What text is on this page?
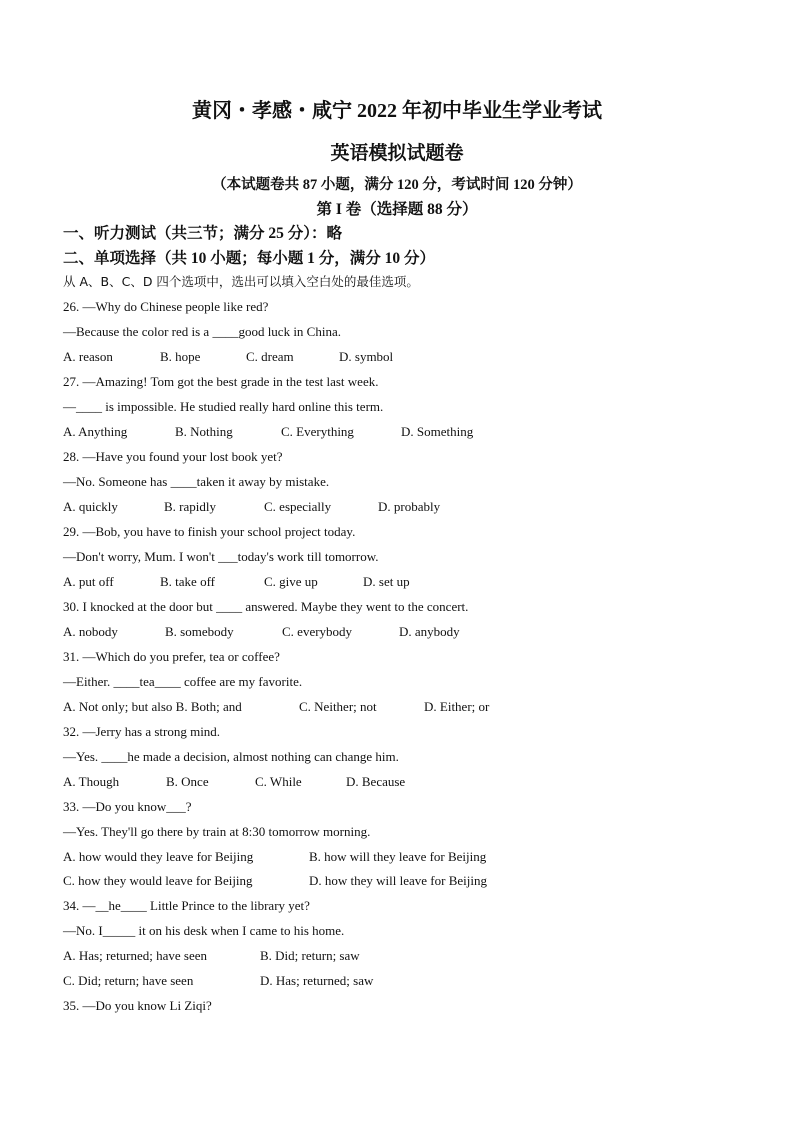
黄冈・孝感・咸宁 2022 年初中毕业生学业考试
英语模拟试题卷
（本试题卷共 87 小题，满分 120 分，考试时间 120 分钟）
第 I 卷（选择题 88 分）
一、听力测试（共三节；满分 25 分）：略
二、单项选择（共 10 小题；每小题 1 分，满分 10 分）
从 A、B、C、D 四个选项中，选出可以填入空白处的最佳选项。
26. —Why do Chinese people like red?
—Because the color red is a ____good luck in China.
A. reason	B. hope	C. dream	D. symbol
27. —Amazing! Tom got the best grade in the test last week.
—____ is impossible. He studied really hard online this term.
A. Anything	B. Nothing	C. Everything	D. Something
28. —Have you found your lost book yet?
—No. Someone has ____taken it away by mistake.
A. quickly	B. rapidly	C. especially	D. probably
29. —Bob, you have to finish your school project today.
—Don't worry, Mum. I won't ___today's work till tomorrow.
A. put off	B. take off	C. give up	D. set up
30. I knocked at the door but ____ answered. Maybe they went to the concert.
A. nobody	B. somebody	C. everybody	D. anybody
31. —Which do you prefer, tea or coffee?
—Either. ____tea____ coffee are my favorite.
A. Not only; but also B. Both; and	C. Neither; not	D. Either; or
32. —Jerry has a strong mind.
—Yes. ____he made a decision, almost nothing can change him.
A. Though	B. Once	C. While	D. Because
33. —Do you know___?
—Yes. They'll go there by train at 8:30 tomorrow morning.
A. how would they leave for Beijing	B. how will they leave for Beijing
C. how they would leave for Beijing	D. how they will leave for Beijing
34. —__he____ Little Prince to the library yet?
—No. I_____ it on his desk when I came to his home.
A. Has; returned; have seen	B. Did; return; saw
C. Did; return; have seen	D. Has; returned; saw
35. —Do you know Li Ziqi?
